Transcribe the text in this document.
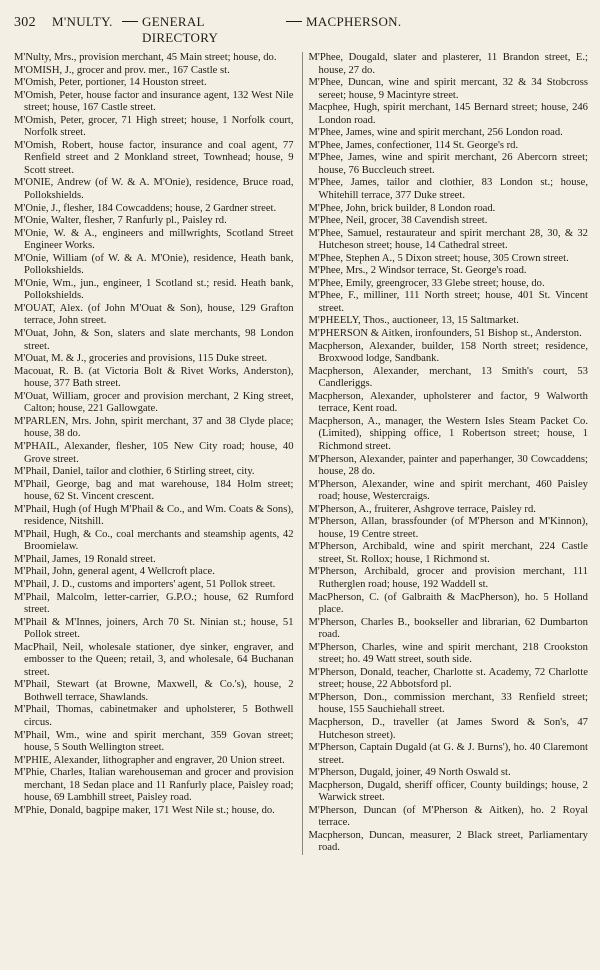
302	M'NULTY.	GENERAL DIRECTORY
MACPHERSON.

M'Nulty, Mrs., provision merchant, 45 Main street; house, do.

M'OMISH, J., grocer and prov. mer., 167 Castle st.

M'Omish, Peter, portioner, 14 Houston street.

M'Omish, Peter, house factor and insurance agent, 132 West Nile street; house, 167 Castle street.

M'Omish, Peter, grocer, 71 High street; house, 1 Norfolk court, Norfolk street.

M'Omish, Robert, house factor, insurance and coal agent, 77 Renfield street and 2 Monkland street, Townhead; house, 9 Scott street.

M'ONIE, Andrew (of W. & A. M'Onie), residence, Bruce road, Pollokshields.

M'Onie, J., flesher, 184 Cowcaddens; house, 2 Gardner street.

M'Onie, Walter, flesher, 7 Ranfurly pl., Paisley rd.

M'Onie, W. & A., engineers and millwrights, Scotland Street Engineer Works.

M'Onie, William (of W. & A. M'Onie), residence, Heath bank, Pollokshields.

M'Onie, Wm., jun., engineer, 1 Scotland st.; resid. Heath bank, Pollokshields.

M'OUAT, Alex. (of John M'Ouat & Son), house, 129 Grafton terrace, John street.

M'Ouat, John, & Son, slaters and slate merchants, 98 London street.

M'Ouat, M. & J., groceries and provisions, 115 Duke street.

Macouat, R. B. (at Victoria Bolt & Rivet Works, Anderston), house, 377 Bath street.

M'Ouat, William, grocer and provision merchant, 2 King street, Calton; house, 221 Gallowgate.

M'PARLEN, Mrs. John, spirit merchant, 37 and 38 Clyde place; house, 38 do.

M'PHAIL, Alexander, flesher, 105 New City road; house, 40 Grove street.

M'Phail, Daniel, tailor and clothier, 6 Stirling street, city.

M'Phail, George, bag and mat warehouse, 184 Holm street; house, 62 St. Vincent crescent.

M'Phail, Hugh (of Hugh M'Phail & Co., and Wm. Coats & Sons), residence, Nitshill.

M'Phail, Hugh, & Co., coal merchants and steamship agents, 42 Broomielaw.

M'Phail, James, 19 Ronald street.

M'Phail, John, general agent, 4 Wellcroft place.

M'Phail, J. D., customs and importers' agent, 51 Pollok street.

M'Phail, Malcolm, letter-carrier, G.P.O.; house, 62 Rumford street.

M'Phail & M'Innes, joiners, Arch 70 St. Ninian st.; house, 51 Pollok street.

MacPhail, Neil, wholesale stationer, dye sinker, engraver, and embosser to the Queen; retail, 3, and wholesale, 64 Buchanan street.

M'Phail, Stewart (at Browne, Maxwell, & Co.'s), house, 2 Bothwell terrace, Shawlands.

M'Phail, Thomas, cabinetmaker and upholsterer, 5 Bothwell circus.

M'Phail, Wm., wine and spirit merchant, 359 Govan street; house, 5 South Wellington street.

M'PHIE, Alexander, lithographer and engraver, 20 Union street.

M'Phie, Charles, Italian warehouseman and grocer and provision merchant, 18 Sedan place and 11 Ranfurly place, Paisley road; house, 69 Lambhill street, Paisley road.

M'Phie, Donald, bagpipe maker, 171 West Nile st.; house, do.

M'Phee, Dougald, slater and plasterer, 11 Brandon street, E.; house, 27 do.

M'Phee, Duncan, wine and spirit mercant, 32 & 34 Stobcross sereet; house, 9 Macintyre street.

Macphee, Hugh, spirit merchant, 145 Bernard street; house, 246 London road.

M'Phee, James, wine and spirit merchant, 256 London road.

M'Phee, James, confectioner, 114 St. George's rd.

M'Phee, James, wine and spirit merchant, 26 Abercorn street; house, 76 Buccleuch street.

M'Phee, James, tailor and clothier, 83 London st.; house, Whitehill terrace, 377 Duke street.

M'Phee, John, brick builder, 8 London road.

M'Phee, Neil, grocer, 38 Cavendish street.

M'Phee, Samuel, restaurateur and spirit merchant 28, 30, & 32 Hutcheson street; house, 14 Cathedral street.

M'Phee, Stephen A., 5 Dixon street; house, 305 Crown street.

M'Phee, Mrs., 2 Windsor terrace, St. George's road.

M'Phee, Emily, greengrocer, 33 Glebe street; house, do.

M'Phee, F., milliner, 111 North street; house, 401 St. Vincent street.

M'PHEELY, Thos., auctioneer, 13, 15 Saltmarket.

M'PHERSON & Aitken, ironfounders, 51 Bishop st., Anderston.

Macpherson, Alexander, builder, 158 North street; residence, Broxwood lodge, Sandbank.

Macpherson, Alexander, merchant, 13 Smith's court, 53 Candleriggs.

Macpherson, Alexander, upholsterer and factor, 9 Walworth terrace, Kent road.

Macpherson, A., manager, the Western Isles Steam Packet Co. (Limited), shipping office, 1 Robertson street; house, 1 Richmond street.

M'Pherson, Alexander, painter and paperhanger, 30 Cowcaddens; house, 28 do.

M'Pherson, Alexander, wine and spirit merchant, 460 Paisley road; house, Westercraigs.

M'Pherson, A., fruiterer, Ashgrove terrace, Paisley rd.

M'Pherson, Allan, brassfounder (of M'Pherson and M'Kinnon), house, 19 Centre street.

M'Pherson, Archibald, wine and spirit merchant, 224 Castle street, St. Rollox; house, 1 Richmond st.

M'Pherson, Archibald, grocer and provision merchant, 111 Rutherglen road; house, 192 Waddell st.

MacPherson, C. (of Galbraith & MacPherson), ho. 5 Holland place.

M'Pherson, Charles B., bookseller and librarian, 62 Dumbarton road.

M'Pherson, Charles, wine and spirit merchant, 218 Crookston street; ho. 49 Watt street, south side.

M'Pherson, Donald, teacher, Charlotte st. Academy, 72 Charlotte street; house, 22 Abbotsford pl.

M'Pherson, Don., commission merchant, 33 Renfield street; house, 155 Sauchiehall street.

Macpherson, D., traveller (at James Sword & Son's, 47 Hutcheson street).

M'Pherson, Captain Dugald (at G. & J. Burns'), ho. 40 Claremont street.

M'Pherson, Dugald, joiner, 49 North Oswald st.

Macpherson, Dugald, sheriff officer, County buildings; house, 2 Warwick street.

M'Pherson, Duncan (of M'Pherson & Aitken), ho. 2 Royal terrace.

Macpherson, Duncan, measurer, 2 Black street, Parliamentary road.
